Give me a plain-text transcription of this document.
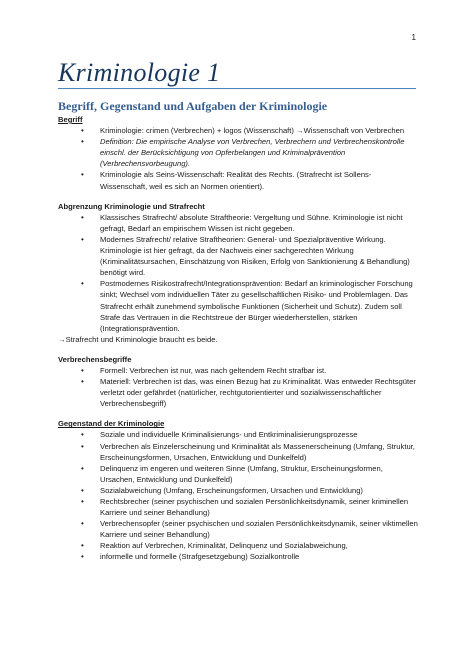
1
Kriminologie 1

Begriff, Gegenstand und Aufgaben der Kriminologie

Begriff

• Kriminologie: crimen (Verbrechen) + logos (Wissenschaft) →Wissenschaft von Verbrechen
• Definition: Die empirische Analyse von Verbrechen, Verbrechern und Verbrechenskontrolle einschl. der Berücksichtigung von Opferbelangen und Kriminalprävention (Verbrechensvorbeugung).
• Kriminologie als Seins-Wissenschaft: Realität des Rechts. (Strafrecht ist Sollens-Wissenschaft, weil es sich an Normen orientiert).

Abgrenzung Kriminologie und Strafrecht

• Klassisches Strafrecht/ absolute Straftheorie: Vergeltung und Sühne. Kriminologie ist nicht gefragt, Bedarf an empirischem Wissen ist nicht gegeben.
• Modernes Strafrecht/ relative Straftheorien: General- und Spezialpräventive Wirkung. Kriminologie ist hier gefragt, da der Nachweis einer sachgerechten Wirkung (Kriminalitätsursachen, Einschätzung von Risiken, Erfolg von Sanktionierung & Behandlung) benötigt wird.
• Postmodernes Risikostrafrecht/Integrationsprävention: Bedarf an kriminologischer Forschung sinkt; Wechsel vom individuellen Täter zu gesellschaftlichen Risiko- und Problemlagen. Das Strafrecht erhält zunehmend symbolische Funktionen (Sicherheit und Schutz). Zudem soll Strafe das Vertrauen in die Rechtstreue der Bürger wiederherstellen, stärken (Integrationsprävention.

→Strafrecht und Kriminologie braucht es beide.

Verbrechensbegriffe

• Formell: Verbrechen ist nur, was nach geltendem Recht strafbar ist.
• Materiell: Verbrechen ist das, was einen Bezug hat zu Kriminalität. Was entweder Rechtsgüter verletzt oder gefährdet (natürlicher, rechtgutorientierter und sozialwissenschaftlicher Verbrechensbegriff)

Gegenstand der Kriminologie

• Soziale und individuelle Kriminalisierungs- und Entkriminalisierungsprozesse
• Verbrechen als Einzelerscheinung und Kriminalität als Massenerscheinung (Umfang, Struktur, Erscheinungsformen, Ursachen, Entwicklung und Dunkelfeld)
• Delinquenz im engeren und weiteren Sinne (Umfang, Struktur, Erscheinungsformen, Ursachen, Entwicklung und Dunkelfeld)
• Sozialabweichung (Umfang, Erscheinungsformen, Ursachen und Entwicklung)
• Rechtsbrecher (seiner psychischen und sozialen Persönlichkeitsdynamik, seiner kriminellen Karriere und seiner Behandlung)
• Verbrechensopfer (seiner psychischen und sozialen Persönlichkeitsdynamik, seiner viktimellen Karriere und seiner Behandlung)
• Reaktion auf Verbrechen, Kriminalität, Delinquenz und Sozialabweichung,
• informelle und formelle (Strafgesetzgebung) Sozialkontrolle
